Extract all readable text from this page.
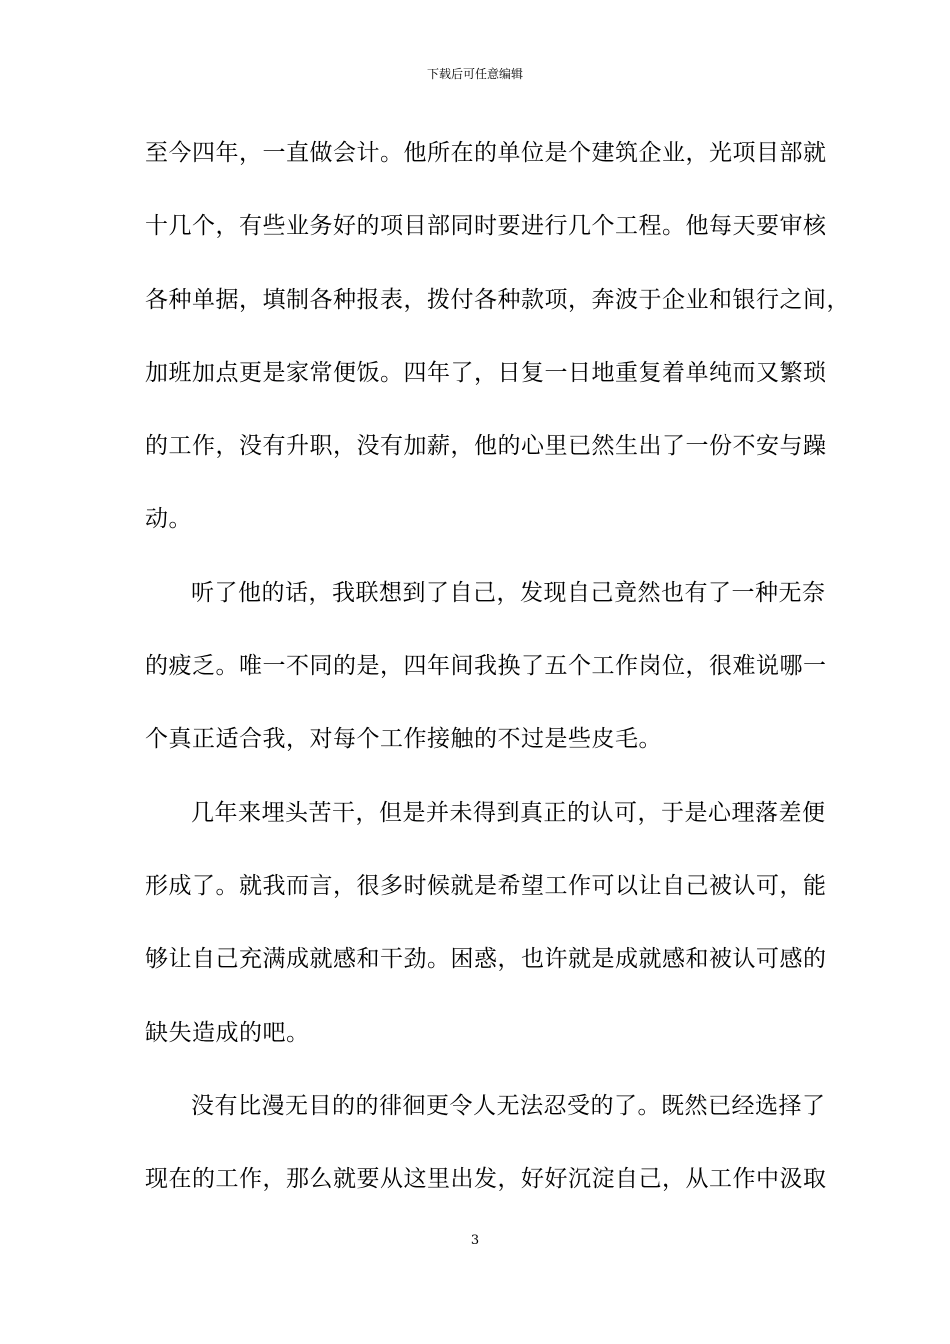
下载后可任意编辑
至今四年，一直做会计。他所在的单位是个建筑企业，光项目部就
十几个，有些业务好的项目部同时要进行几个工程。他每天要审核
各种单据，填制各种报表，拨付各种款项，奔波于企业和银行之间，
加班加点更是家常便饭。四年了，日复一日地重复着单纯而又繁琐
的工作，没有升职，没有加薪，他的心里已然生出了一份不安与躁
动。
听了他的话，我联想到了自己，发现自己竟然也有了一种无奈
的疲乏。唯一不同的是，四年间我换了五个工作岗位，很难说哪一
个真正适合我，对每个工作接触的不过是些皮毛。
几年来埋头苦干，但是并未得到真正的认可，于是心理落差便
形成了。就我而言，很多时候就是希望工作可以让自己被认可，能
够让自己充满成就感和干劲。困惑，也许就是成就感和被认可感的
缺失造成的吧。
没有比漫无目的的徘徊更令人无法忍受的了。既然已经选择了
现在的工作，那么就要从这里出发，好好沉淀自己，从工作中汲取
3
